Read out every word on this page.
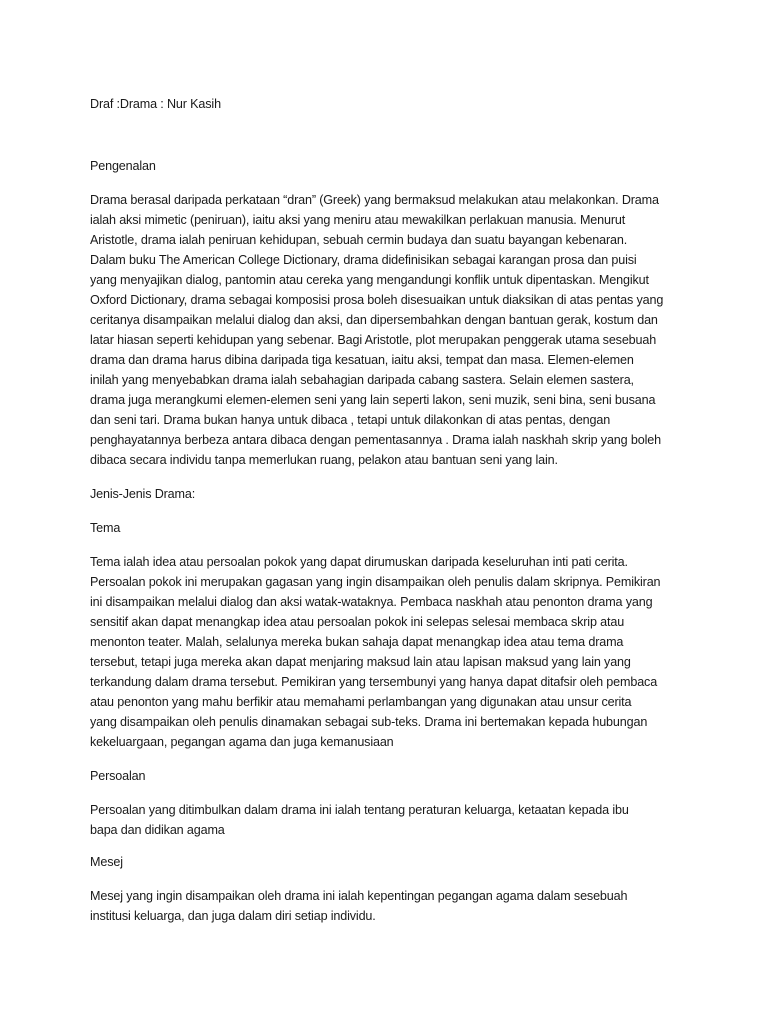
Draf :Drama : Nur Kasih
Pengenalan
Drama berasal daripada perkataan “dran” (Greek) yang bermaksud melakukan atau melakonkan. Drama
ialah aksi mimetic (peniruan), iaitu aksi yang meniru atau mewakilkan perlakuan manusia. Menurut
Aristotle, drama ialah peniruan kehidupan, sebuah cermin budaya dan suatu bayangan kebenaran.
Dalam buku The American College Dictionary, drama didefinisikan sebagai karangan prosa dan puisi
yang menyajikan dialog, pantomin atau cereka yang mengandungi konflik untuk dipentaskan. Mengikut
Oxford Dictionary, drama sebagai komposisi prosa boleh disesuaikan untuk diaksikan di atas pentas yang
ceritanya disampaikan melalui dialog dan aksi, dan dipersembahkan dengan bantuan gerak, kostum dan
latar hiasan seperti kehidupan yang sebenar. Bagi Aristotle, plot merupakan penggerak utama sesebuah
drama dan drama harus dibina daripada tiga kesatuan, iaitu aksi, tempat dan masa. Elemen-elemen
inilah yang menyebabkan drama ialah sebahagian daripada cabang sastera. Selain elemen sastera,
drama juga merangkumi elemen-elemen seni yang lain seperti lakon, seni muzik, seni bina, seni busana
dan seni tari. Drama bukan hanya untuk dibaca , tetapi untuk dilakonkan di atas pentas, dengan
penghayatannya berbeza antara dibaca dengan pementasannya . Drama ialah naskhah skrip yang boleh
dibaca secara individu tanpa memerlukan ruang, pelakon atau bantuan seni yang lain.
Jenis-Jenis Drama:
Tema
Tema ialah idea atau persoalan pokok yang dapat dirumuskan daripada keseluruhan inti pati cerita.
Persoalan pokok ini merupakan gagasan yang ingin disampaikan oleh penulis dalam skripnya. Pemikiran
ini disampaikan melalui dialog dan aksi watak-wataknya. Pembaca naskhah atau penonton drama yang
sensitif akan dapat menangkap idea atau persoalan pokok ini selepas selesai membaca skrip atau
menonton teater. Malah, selalunya mereka bukan sahaja dapat menangkap idea atau tema drama
tersebut, tetapi juga mereka akan dapat menjaring maksud lain atau lapisan maksud yang lain yang
terkandung dalam drama tersebut. Pemikiran yang tersembunyi yang hanya dapat ditafsir oleh pembaca
atau penonton yang mahu berfikir atau memahami perlambangan yang digunakan atau unsur cerita
yang disampaikan oleh penulis dinamakan sebagai sub-teks. Drama ini bertemakan kepada hubungan
kekeluargaan, pegangan agama dan juga kemanusiaan
Persoalan
Persoalan yang ditimbulkan dalam drama ini ialah tentang peraturan keluarga, ketaatan kepada ibu
bapa dan didikan agama
Mesej
Mesej yang ingin disampaikan oleh drama ini ialah kepentingan pegangan agama dalam sesebuah
institusi keluarga, dan juga dalam diri setiap individu.
